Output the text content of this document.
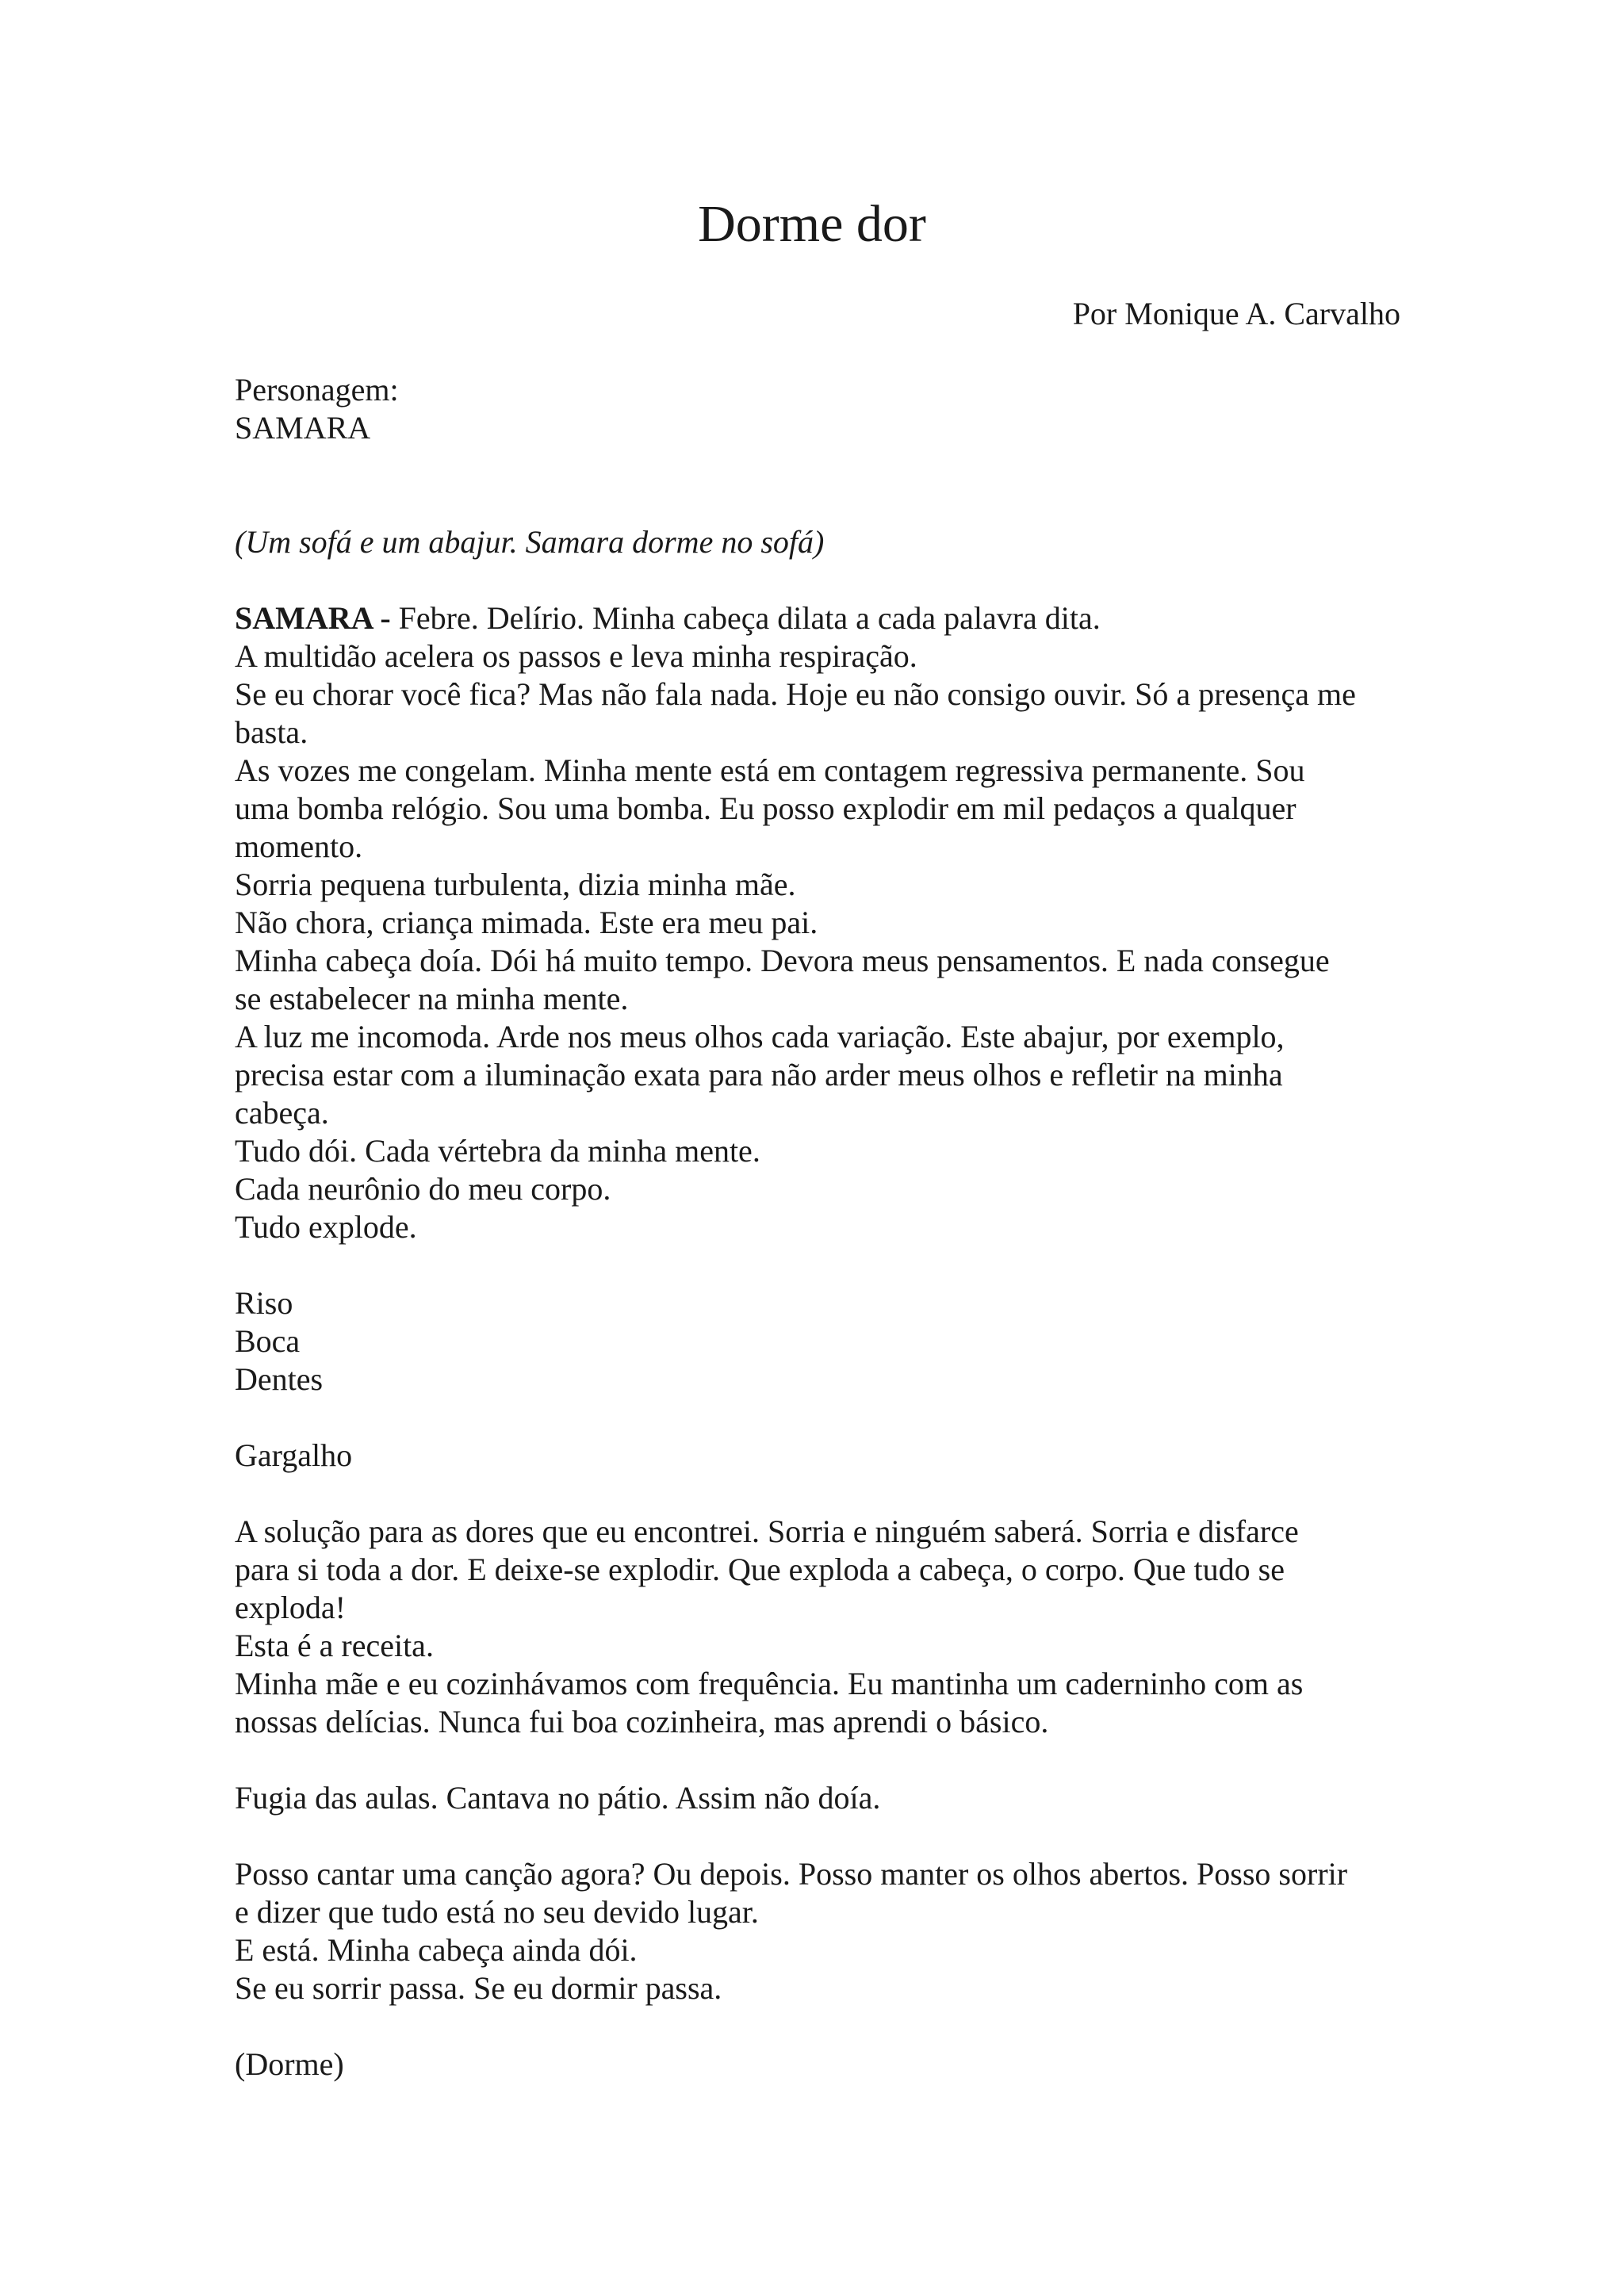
Dorme dor

Por Monique A. Carvalho

Personagem:
SAMARA
(Um sofá e um abajur. Samara dorme no sofá)
SAMARA - Febre. Delírio. Minha cabeça dilata a cada palavra dita.
A multidão acelera os passos e leva minha respiração.
Se eu chorar você fica? Mas não fala nada. Hoje eu não consigo ouvir. Só a presença me
basta.
As vozes me congelam. Minha mente está em contagem regressiva permanente. Sou
uma bomba relógio. Sou uma bomba. Eu posso explodir em mil pedaços a qualquer
momento.
Sorria pequena turbulenta, dizia minha mãe.
Não chora, criança mimada. Este era meu pai.
Minha cabeça doía. Dói há muito tempo. Devora meus pensamentos. E nada consegue
se estabelecer na minha mente.
A luz me incomoda. Arde nos meus olhos cada variação. Este abajur, por exemplo,
precisa estar com a iluminação exata para não arder meus olhos e refletir na minha
cabeça.
Tudo dói. Cada vértebra da minha mente.
Cada neurônio do meu corpo.
Tudo explode.
Riso
Boca
Dentes
Gargalho
A solução para as dores que eu encontrei. Sorria e ninguém saberá. Sorria e disfarce
para si toda a dor. E deixe-se explodir. Que exploda a cabeça, o corpo. Que tudo se
exploda!
Esta é a receita.
Minha mãe e eu cozinhávamos com frequência. Eu mantinha um caderninho com as
nossas delícias. Nunca fui boa cozinheira, mas aprendi o básico.
Fugia das aulas. Cantava no pátio. Assim não doía.
Posso cantar uma canção agora? Ou depois. Posso manter os olhos abertos. Posso sorrir
e dizer que tudo está no seu devido lugar.
E está. Minha cabeça ainda dói.
Se eu sorrir passa. Se eu dormir passa.
(Dorme)
